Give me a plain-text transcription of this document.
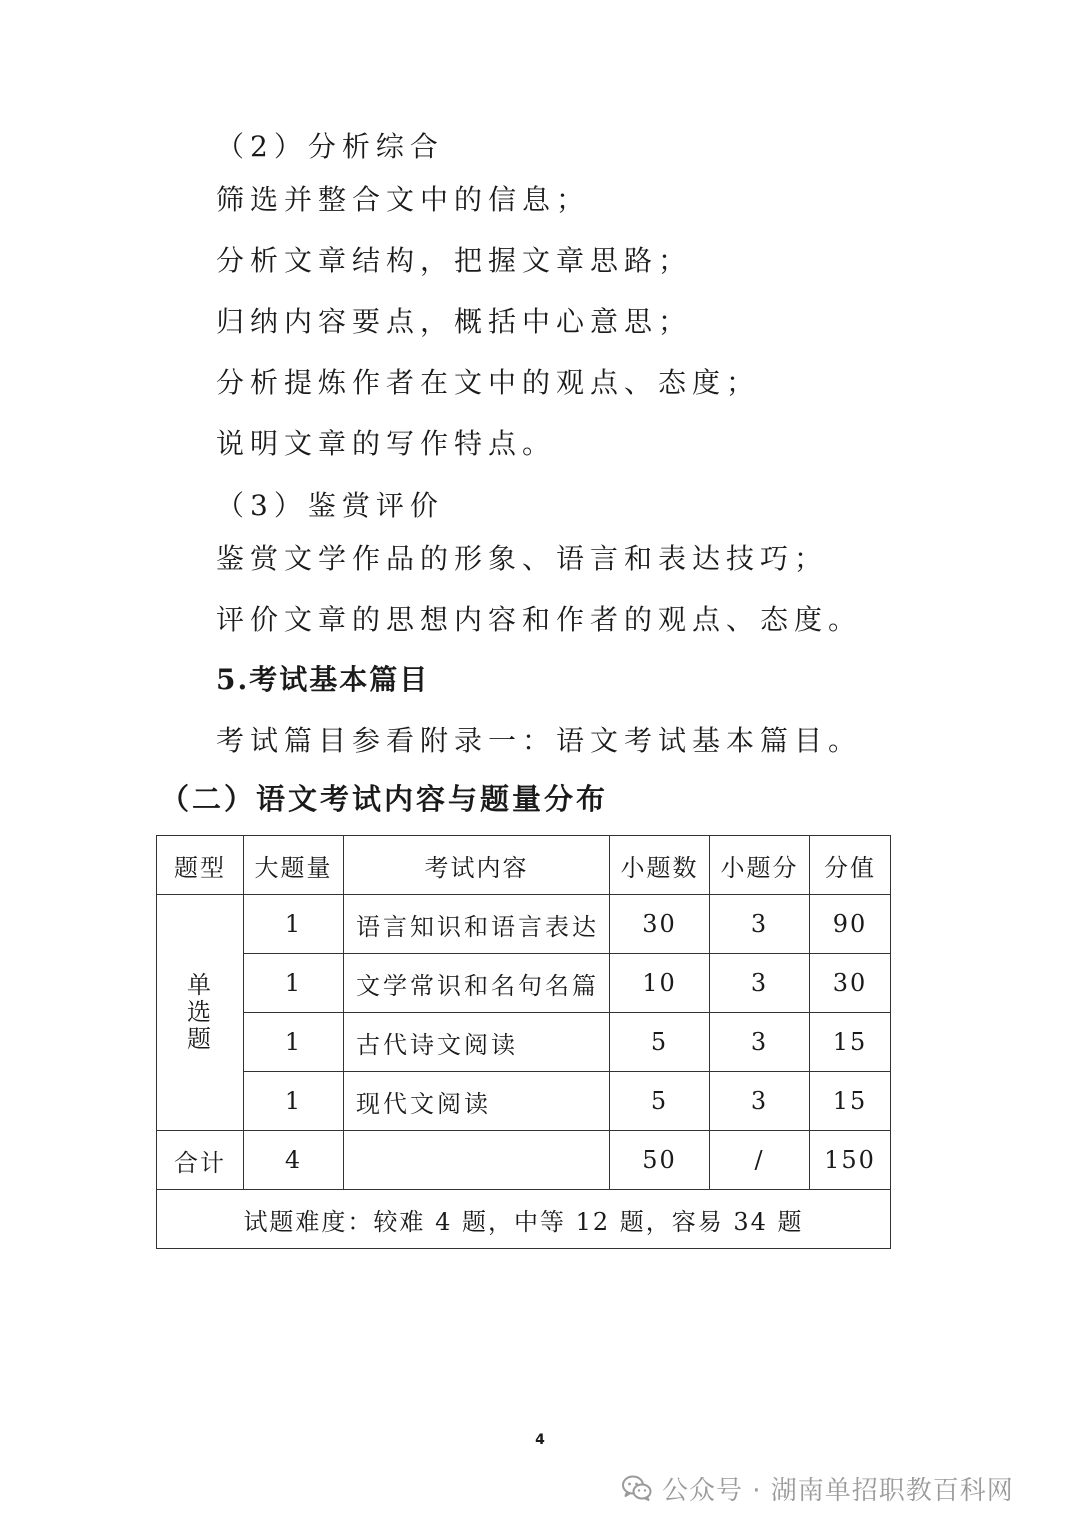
（2）分析综合
筛选并整合文中的信息；
分析文章结构，把握文章思路；
归纳内容要点，概括中心意思；
分析提炼作者在文中的观点、态度；
说明文章的写作特点。
（3）鉴赏评价
鉴赏文学作品的形象、语言和表达技巧；
评价文章的思想内容和作者的观点、态度。
5.考试基本篇目
考试篇目参看附录一：语文考试基本篇目。
（二）语文考试内容与题量分布
题型	大题量	考试内容	小题数	小题分	分值

单
选
题	1	语言知识和语言表达	30	3	90
	1	文学常识和名句名篇	10	3	30
	1	古代诗文阅读	5	3	15
	1	现代文阅读	5	3	15
合计	4		50	/	150
试题难度：较难 4 题，中等 12 题，容易 34 题					
4
公众号 · 湖南单招职教百科网
